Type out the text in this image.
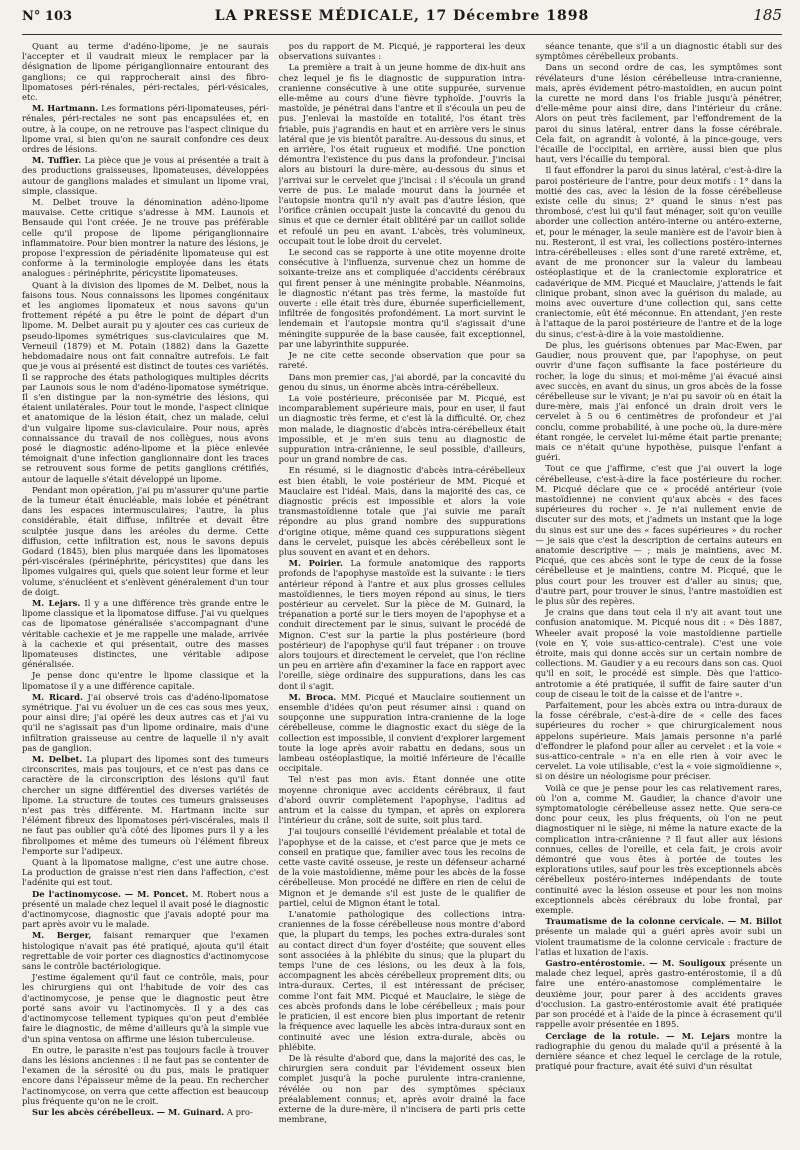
N° 103	LA PRESSE MÉDICALE, 17 Décembre 1898	185

Quant au terme d'adéno-lipome, je ne saurais l'accepter et il vaudrait mieux le remplacer par la désignation de lipome périganglionnaire entourant des ganglions; ce qui rapprocherait ainsi des fibro-lipomatoses péri-rénales, péri-rectales, péri-vésicales, etc.

M. Hartmann. Les formations péri-lipomateuses, péri-rénales, péri-rectales ne sont pas encapsulées et, en outre, à la coupe, on ne retrouve pas l'aspect clinique du lipome vrai, si bien qu'on ne saurait confondre ces deux ordres de lésions.

M. Tuffier. La pièce que je vous ai présentée a trait à des productions graisseuses, lipomateuses, développées autour de ganglions malades et simulant un lipome vrai, simple, classique.

M. Delbet trouve la dénomination adéno-lipome mauvaise. Cette critique s'adresse à MM. Launois et Bensaude qui l'ont créée. Je ne trouve pas préférable celle qu'il propose de lipome périganglionnaire inflammatoire. Pour bien montrer la nature des lésions, je propose l'expression de périadénite lipomateuse qui est conforme à la terminologie employée dans les états analogues : périnéphrite, péricystite lipomateuses.

Quant à la division des lipomes de M. Delbet, nous la faisons tous. Nous connaissons les lipomes congénitaux et les angiomes lipomateux et nous savons qu'un frottement répété a pu être le point de départ d'un lipome. M. Delbet aurait pu y ajouter ces cas curieux de pseudo-lipomes symétriques sus-claviculaires que M. Verneuil (1879) et M. Potain (1882) dans la Gazette hebdomadaire nous ont fait connaître autrefois. Le fait que je vous ai présenté est distinct de toutes ces variétés. Il se rapproche des états pathologiques multiples décrits par Launois sous le nom d'adéno-lipomatose symétrique. Il s'en distingue par la non-symétrie des lésions, qui étaient unilatérales. Pour tout le monde, l'aspect clinique et anatomique de la lésion était, chez un malade, celui d'un vulgaire lipome sus-claviculaire. Pour nous, après connaissance du travail de nos collègues, nous avons posé le diagnostic adéno-lipome et la pièce enlevée témoignait d'une infection ganglionnaire dont les traces se retrouvent sous forme de petits ganglions crétifiés, autour de laquelle s'était développé un lipome.

Pendant mon opération, j'ai pu m'assurer qu'une partie de la tumeur était énucléable, mais lobée et pénétrant dans les espaces intermusculaires; l'autre, la plus considérable, était diffuse, infiltrée et devait être sculptée jusque dans les aréoles du derme. Cette diffusion, cette infiltration est, nous le savons depuis Godard (1845), bien plus marquée dans les lipomatoses péri-viscérales (périnéphrite, péricystites) que dans les lipomes vulgaires qui, quels que soient leur forme et leur volume, s'énucléent et s'enlèvent généralement d'un tour de doigt.

M. Lejars. Il y a une différence très grande entre le lipome classique et la lipomatose diffuse. J'ai vu quelques cas de lipomatose généralisée s'accompagnant d'une véritable cachexie et je me rappelle une malade, arrivée à la cachexie et qui présentait, outre des masses lipomateuses distinctes, une véritable adipose généralisée.

Je pense donc qu'entre le lipome classique et la lipomatose il y a une différence capitale.

M. Ricard. J'ai observé trois cas d'adéno-lipomatose symétrique. J'ai vu évoluer un de ces cas sous mes yeux, pour ainsi dire; j'ai opéré les deux autres cas et j'ai vu qu'il ne s'agissait pas d'un lipome ordinaire, mais d'une infiltration graisseuse au centre de laquelle il n'y avait pas de ganglion.

M. Delbet. La plupart des lipomes sont des tumeurs circonscrites, mais pas toujours, et ce n'est pas dans ce caractère de la circonscription des lésions qu'il faut chercher un signe différentiel des diverses variétés de lipome. La structure de toutes ces tumeurs graisseuses n'est pas très différente. M. Hartmann incite sur l'élément fibreux des lipomatoses péri-viscérales, mais il ne faut pas oublier qu'à côté des lipomes purs il y a les fibrolipomes et même des tumeurs où l'élément fibreux l'emporte sur l'adipeux.

Quant à la lipomatose maligne, c'est une autre chose. La production de graisse n'est rien dans l'affection, c'est l'adénite qui est tout.

De l'actinomycose. — M. Poncet. M. Robert nous a présenté un malade chez lequel il avait posé le diagnostic d'actinomycose, diagnostic que j'avais adopté pour ma part après avoir vu le malade.

M. Berger, faisant remarquer que l'examen histologique n'avait pas été pratiqué, ajouta qu'il était regrettable de voir porter ces diagnostics d'actinomycose sans le contrôle bactériologique.

J'estime également qu'il faut ce contrôle, mais, pour les chirurgiens qui ont l'habitude de voir des cas d'actinomycose, je pense que le diagnostic peut être porté sans avoir vu l'actinomycès. Il y a des cas d'actinomycose tellement typiques qu'on peut d'emblée faire le diagnostic, de même d'ailleurs qu'à la simple vue d'un spina ventosa on affirme une lésion tuberculeuse.

En outre, le parasite n'est pas toujours facile à trouver dans les lésions anciennes : il ne faut pas se contenter de l'examen de la sérosité ou du pus, mais le pratiquer encore dans l'épaisseur même de la peau. En rechercher l'actinomycose, on verra que cette affection est beaucoup plus fréquente qu'on ne le croit.

Sur les abcès cérébelleux. — M. Guinard. A pro-

pos du rapport de M. Picqué, je rapporterai les deux observations suivantes :

La première a trait à un jeune homme de dix-huit ans chez lequel je fis le diagnostic de suppuration intra-cranienne consécutive à une otite suppurée, survenue elle-même au cours d'une fièvre typhoïde. J'ouvris la mastoïde, je pénétrai dans l'antre et il s'écoula un peu de pus. J'enlevai la mastoïde en totalité, l'os étant très friable, puis j'agrandis en haut et en arrière vers le sinus latéral que je vis bientôt paraître. Au-dessous du sinus, et en arrière, l'os était rugueux et modifié. Une ponction démontra l'existence du pus dans la profondeur. J'incisai alors au bistouri la dure-mère, au-dessous du sinus et j'arrivai sur le cervelet que j'incisai : il s'écoula un grand verre de pus. Le malade mourut dans la journée et l'autopsie montra qu'il n'y avait pas d'autre lésion, que l'orifice crânien occupait juste la concavité du genou du sinus et que ce dernier était oblitéré par un caillot solide et refoulé un peu en avant. L'abcès, très volumineux, occupait tout le lobe droit du cervelet.

Le second cas se rapporte à une otite moyenne droite consécutive à l'influenza, survenue chez un homme de soixante-treize ans et compliquée d'accidents cérébraux qui firent penser à une méningite probable. Néanmoins, le diagnostic n'étant pas très ferme, la mastoïde fut ouverte : elle était très dure, éburnée superficiellement, infiltrée de fongosités profondément. La mort survint le lendemain et l'autopsie montra qu'il s'agissait d'une méningite suppurée de la base causée, fait exceptionnel, par une labyrinthite suppurée.

Je ne cite cette seconde observation que pour sa rareté.

Dans mon premier cas, j'ai abordé, par la concavité du genou du sinus, un énorme abcès intra-cérébelleux.

La voie postérieure, préconisée par M. Picqué, est incomparablement supérieure mais, pour en user, il faut un diagnostic très ferme, et c'est là la difficulté. Or, chez mon malade, le diagnostic d'abcès intra-cérébelleux était impossible, et je m'en suis tenu au diagnostic de suppuration intra-crânienne, le seul possible, d'ailleurs, pour un grand nombre de cas.

En résumé, si le diagnostic d'abcès intra-cérébelleux est bien établi, le voie postérieur de MM. Picqué et Mauclaire est l'idéal. Mais, dans la majorité des cas, ce diagnostic précis est impossible et alors la voie transmastoïdienne totale que j'ai suivie me paraît répondre au plus grand nombre des suppurations d'origine otique, même quand ces suppurations siègent dans le cervelet, puisque les abcès cérébelleux sont le plus souvent en avant et en dehors.

M. Poirier. La formule anatomique des rapports profonds de l'apophyse mastoïde est la suivante : le tiers antérieur répond à l'antre et aux plus grosses cellules mastoïdiennes, le tiers moyen répond au sinus, le tiers postérieur au cervelet. Sur la pièce de M. Guinard, la trépanation a porté sur le tiers moyen de l'apophyse et a conduit directement par le sinus, suivant le procédé de Mignon. C'est sur la partie la plus postérieure (bord postérieur) de l'apophyse qu'il faut trépaner : on trouve alors toujours et directement le cervelet, que l'on récline un peu en arrière afin d'examiner la face en rapport avec l'oreille, siège ordinaire des suppurations, dans les cas dont il s'agit.

M. Broca. MM. Picqué et Mauclaire soutiennent un ensemble d'idées qu'on peut résumer ainsi : quand on soupçonne une suppuration intra-cranienne de la loge cérébelleuse, comme le diagnostic exact du siège de la collection est impossible, il convient d'explorer largement toute la loge après avoir rabattu en dedans, sous un lambeau ostéoplastique, la moitié inférieure de l'écaille occipitale.

Tel n'est pas mon avis. Étant donnée une otite moyenne chronique avec accidents cérébraux, il faut d'abord ouvrir complètement l'apophyse, l'aditus ad antrum et la caisse du tympan, et après on explorera l'intérieur du crâne, soit de suite, soit plus tard.

J'ai toujours conseillé l'évidement préalable et total de l'apophyse et de la caisse, et c'est parce que je mets ce conseil en pratique que, familier avec tous les recoins de cette vaste cavité osseuse, je reste un défenseur acharné de la voie mastoïdienne, même pour les abcès de la fosse cérébelleuse. Mon procédé ne diffère en rien de celui de Mignon et je demande s'il est juste de le qualifier de partiel, celui de Mignon étant le total.

L'anatomie pathologique des collections intra-craniennes de la fosse cérébelleuse nous montre d'abord que, la plupart du temps, les poches extra-durales sont au contact direct d'un foyer d'ostéite; que souvent elles sont associées à la phlébite du sinus; que la plupart du temps l'une de ces lésions, ou les deux à la fois, accompagnent les abcès cérébelleux proprement dits, ou intra-duraux. Certes, il est intéressant de préciser, comme l'ont fait MM. Picqué et Mauclaire, le siège de ces abcès profonds dans le lobe cérébelleux ; mais pour le praticien, il est encore bien plus important de retenir la fréquence avec laquelle les abcès intra-duraux sont en continuité avec une lésion extra-durale, abcès ou phlébite.

De là résulte d'abord que, dans la majorité des cas, le chirurgien sera conduit par l'évidement osseux bien complet jusqu'à la poche purulente intra-cranienne, révélée ou non par des symptômes spéciaux préalablement connus; et, après avoir drainé la face externe de la dure-mère, il n'incisera de parti pris cette membrane,

séance tenante, que s'il a un diagnostic établi sur des symptômes cérébelleux probants.

Dans un second ordre de cas, les symptômes sont révélateurs d'une lésion cérébelleuse intra-cranienne, mais, après évidement pétro-mastoïdien, en aucun point la curette ne mord dans l'os friable jusqu'à pénétrer, d'elle-même pour ainsi dire, dans l'intérieur du crâne. Alors on peut très facilement, par l'effondrement de la paroi du sinus latéral, entrer dans la fosse cérébrale. Cela fait, on agrandit à volonté, à la pince-gouge, vers l'écaille de l'occipital, en arrière, aussi bien que plus haut, vers l'écaille du temporal.

Il faut effondrer la paroi du sinus latéral, c'est-à-dire la paroi postérieure de l'antre, pour deux motifs : 1° dans la moitié des cas, avec la lésion de la fosse cérébelleuse existe celle du sinus; 2° quand le sinus n'est pas thrombosé, c'est lui qu'il faut ménager, soit qu'on veuille aborder une collection antéro-interne ou antéro-externe, et, pour le ménager, la seule manière est de l'avoir bien à nu. Resteront, il est vrai, les collections postéro-internes intra-cérébelleuses : elles sont d'une rareté extrême, et, avant de me prononcer sur la valeur du lambeau ostéoplastique et de la craniectomie exploratrice et cadavérique de MM. Picqué et Mauclaire, j'attends le fait clinique probant, sinon avec la guérison du malade, au moins avec ouverture d'une collection qui, sans cette craniectomie, eût été méconnue. En attendant, j'en reste à l'attaque de la paroi postérieure de l'antre et de la loge du sinus, c'est-à-dire à la voie mastoïdienne.

De plus, les guérisons obtenues par Mac-Ewen, par Gaudier, nous prouvent que, par l'apophyse, on peut ouvrir d'une façon suffisante la face postérieure du rocher, la loge du sinus; et moi-même j'ai évacué ainsi avec succès, en avant du sinus, un gros abcès de la fosse cérébelleuse sur le vivant; je n'ai pu savoir où en était la dure-mère, mais j'ai enfoncé un drain droit vers le cervelet à 5 ou 6 centimètres de profondeur et j'ai conclu, comme probabilité, à une poche où, la dure-mère étant rongée, le cervelet lui-même était partie prenante; mais ce n'était qu'une hypothèse, puisque l'enfant a guéri.

Tout ce que j'affirme, c'est que j'ai ouvert la loge cérébelleuse, c'est-à-dire la face postérieure du rocher. M. Picqué déclare que ce « procédé antérieur (voie mastoïdienne) ne convient qu'aux abcès « des faces supérieures du rocher ». Je n'ai nullement envie de discuter sur des mots, et j'admets un instant que la loge du sinus est sur une des « faces supérieures » du rocher — je sais que c'est la description de certains auteurs en anatomie descriptive — ; mais je maintiens, avec M. Picqué, que ces abcès sont le type de ceux de la fosse cérébelleuse et je maintiens, contre M. Picqué, que le plus court pour les trouver est d'aller au sinus; que, d'autre part, pour trouver le sinus, l'antre mastoïdien est le plus sûr des repères.

Je crains que dans tout cela il n'y ait avant tout une confusion anatomique. M. Picqué nous dit : « Dès 1887, Wheeler avait proposé la voie mastoïdienne partielle (voie en Y, voie sus-attico-centrale). C'est une voie étroite, mais qui donne accès sur un certain nombre de collections. M. Gaudier y a eu recours dans son cas. Quoi qu'il en soit, le procédé est simple. Dès que l'attico-antrotomie a été pratiquée, il suffit de faire sauter d'un coup de ciseau le toit de la caisse et de l'antre ».

Parfaitement, pour les abcès extra ou intra-duraux de la fosse cérébrale, c'est-à-dire de « celle des faces supérieures du rocher » que chirurgicalement nous appelons supérieure. Mais jamais personne n'a parlé d'effondrer le plafond pour aller au cervelet : et la voie « sus-attico-centrale » n'a en elle rien à voir avec le cervelet. La voie utilisable, c'est la « voie sigmoïdienne », si on désire un néologisme pour préciser.

Voilà ce que je pense pour les cas relativement rares, où l'on a, comme M. Gaudier, la chance d'avoir une symptomatologie cérébelleuse assez nette. Que sera-ce donc pour ceux, les plus fréquents, où l'on ne peut diagnostiquer ni le siège, ni même la nature exacte de la complication intra-crânienne ? Il faut aller aux lésions connues, celles de l'oreille, et cela fait, je crois avoir démontré que vous êtes à portée de toutes les explorations utiles, sauf pour les très exceptionnels abcès cérébelleux postéro-internes indépendants de toute continuité avec la lésion osseuse et pour les non moins exceptionnels abcès cérébraux du lobe frontal, par exemple.

Traumatisme de la colonne cervicale. — M. Billot présente un malade qui a guéri après avoir subi un violent traumatisme de la colonne cervicale : fracture de l'atlas et luxation de l'axis.

Gastro-entérostomie. — M. Souligoux présente un malade chez lequel, après gastro-entérostomie, il a dû faire une entéro-anastomose complémentaire le deuxième jour, pour parer à des accidents graves d'occlusion. La gastro-entérostomie avait été pratiquée par son procédé et à l'aide de la pince à écrasement qu'il rappelle avoir présentée en 1895.

Cerclage de la rotule. — M. Lejars montre la radiographie du genou du malade qu'il a présenté à la dernière séance et chez lequel le cerclage de la rotule, pratiqué pour fracture, avait été suivi d'un résultat
